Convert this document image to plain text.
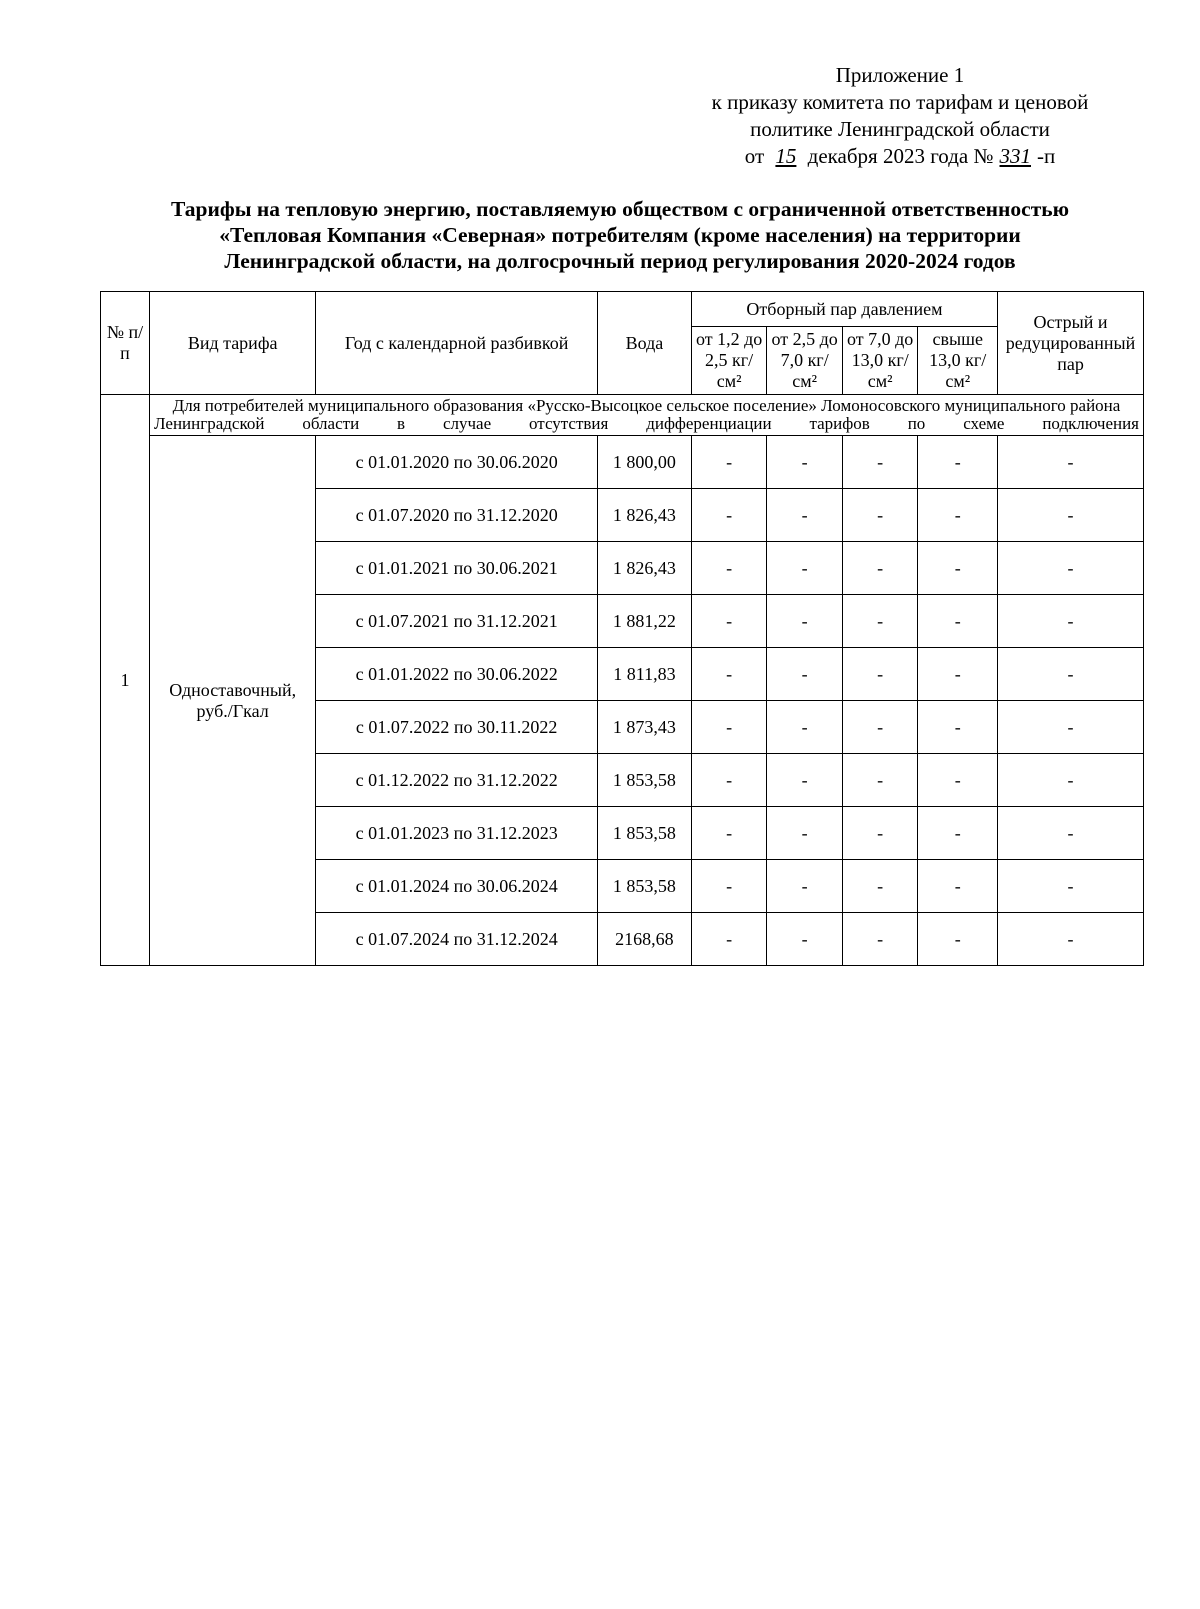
Приложение 1
к приказу комитета по тарифам и ценовой
политике Ленинградской области
от 15 декабря 2023 года № 331 -п
Тарифы на тепловую энергию, поставляемую обществом с ограниченной ответственностью
«Тепловая Компания «Северная» потребителям (кроме населения) на территории
Ленинградской области, на долгосрочный период регулирования 2020-2024 годов
№ п/п	Вид тарифа	Год с календарной разбивкой	Вода	Отборный пар давлением				Острый и редуцированный пар
				от 1,2 до 2,5 кг/см²	от 2,5 до 7,0 кг/см²	от 7,0 до 13,0 кг/см²	свыше 13,0 кг/см²	
1	Для потребителей муниципального образования «Русско-Высоцкое сельское поселение» Ломоносовского муниципального района Ленинградской области в случае отсутствия дифференциации тарифов по схеме подключения							
	Одноставочный, руб./Гкал	с 01.01.2020 по 30.06.2020	1 800,00	-	-	-	-	-
		с 01.07.2020 по 31.12.2020	1 826,43	-	-	-	-	-
		с 01.01.2021 по 30.06.2021	1 826,43	-	-	-	-	-
		с 01.07.2021 по 31.12.2021	1 881,22	-	-	-	-	-
		с 01.01.2022 по 30.06.2022	1 811,83	-	-	-	-	-
		с 01.07.2022 по 30.11.2022	1 873,43	-	-	-	-	-
		с 01.12.2022 по 31.12.2022	1 853,58	-	-	-	-	-
		с 01.01.2023 по 31.12.2023	1 853,58	-	-	-	-	-
		с 01.01.2024 по 30.06.2024	1 853,58	-	-	-	-	-
		с 01.07.2024 по 31.12.2024	2168,68	-	-	-	-	-
